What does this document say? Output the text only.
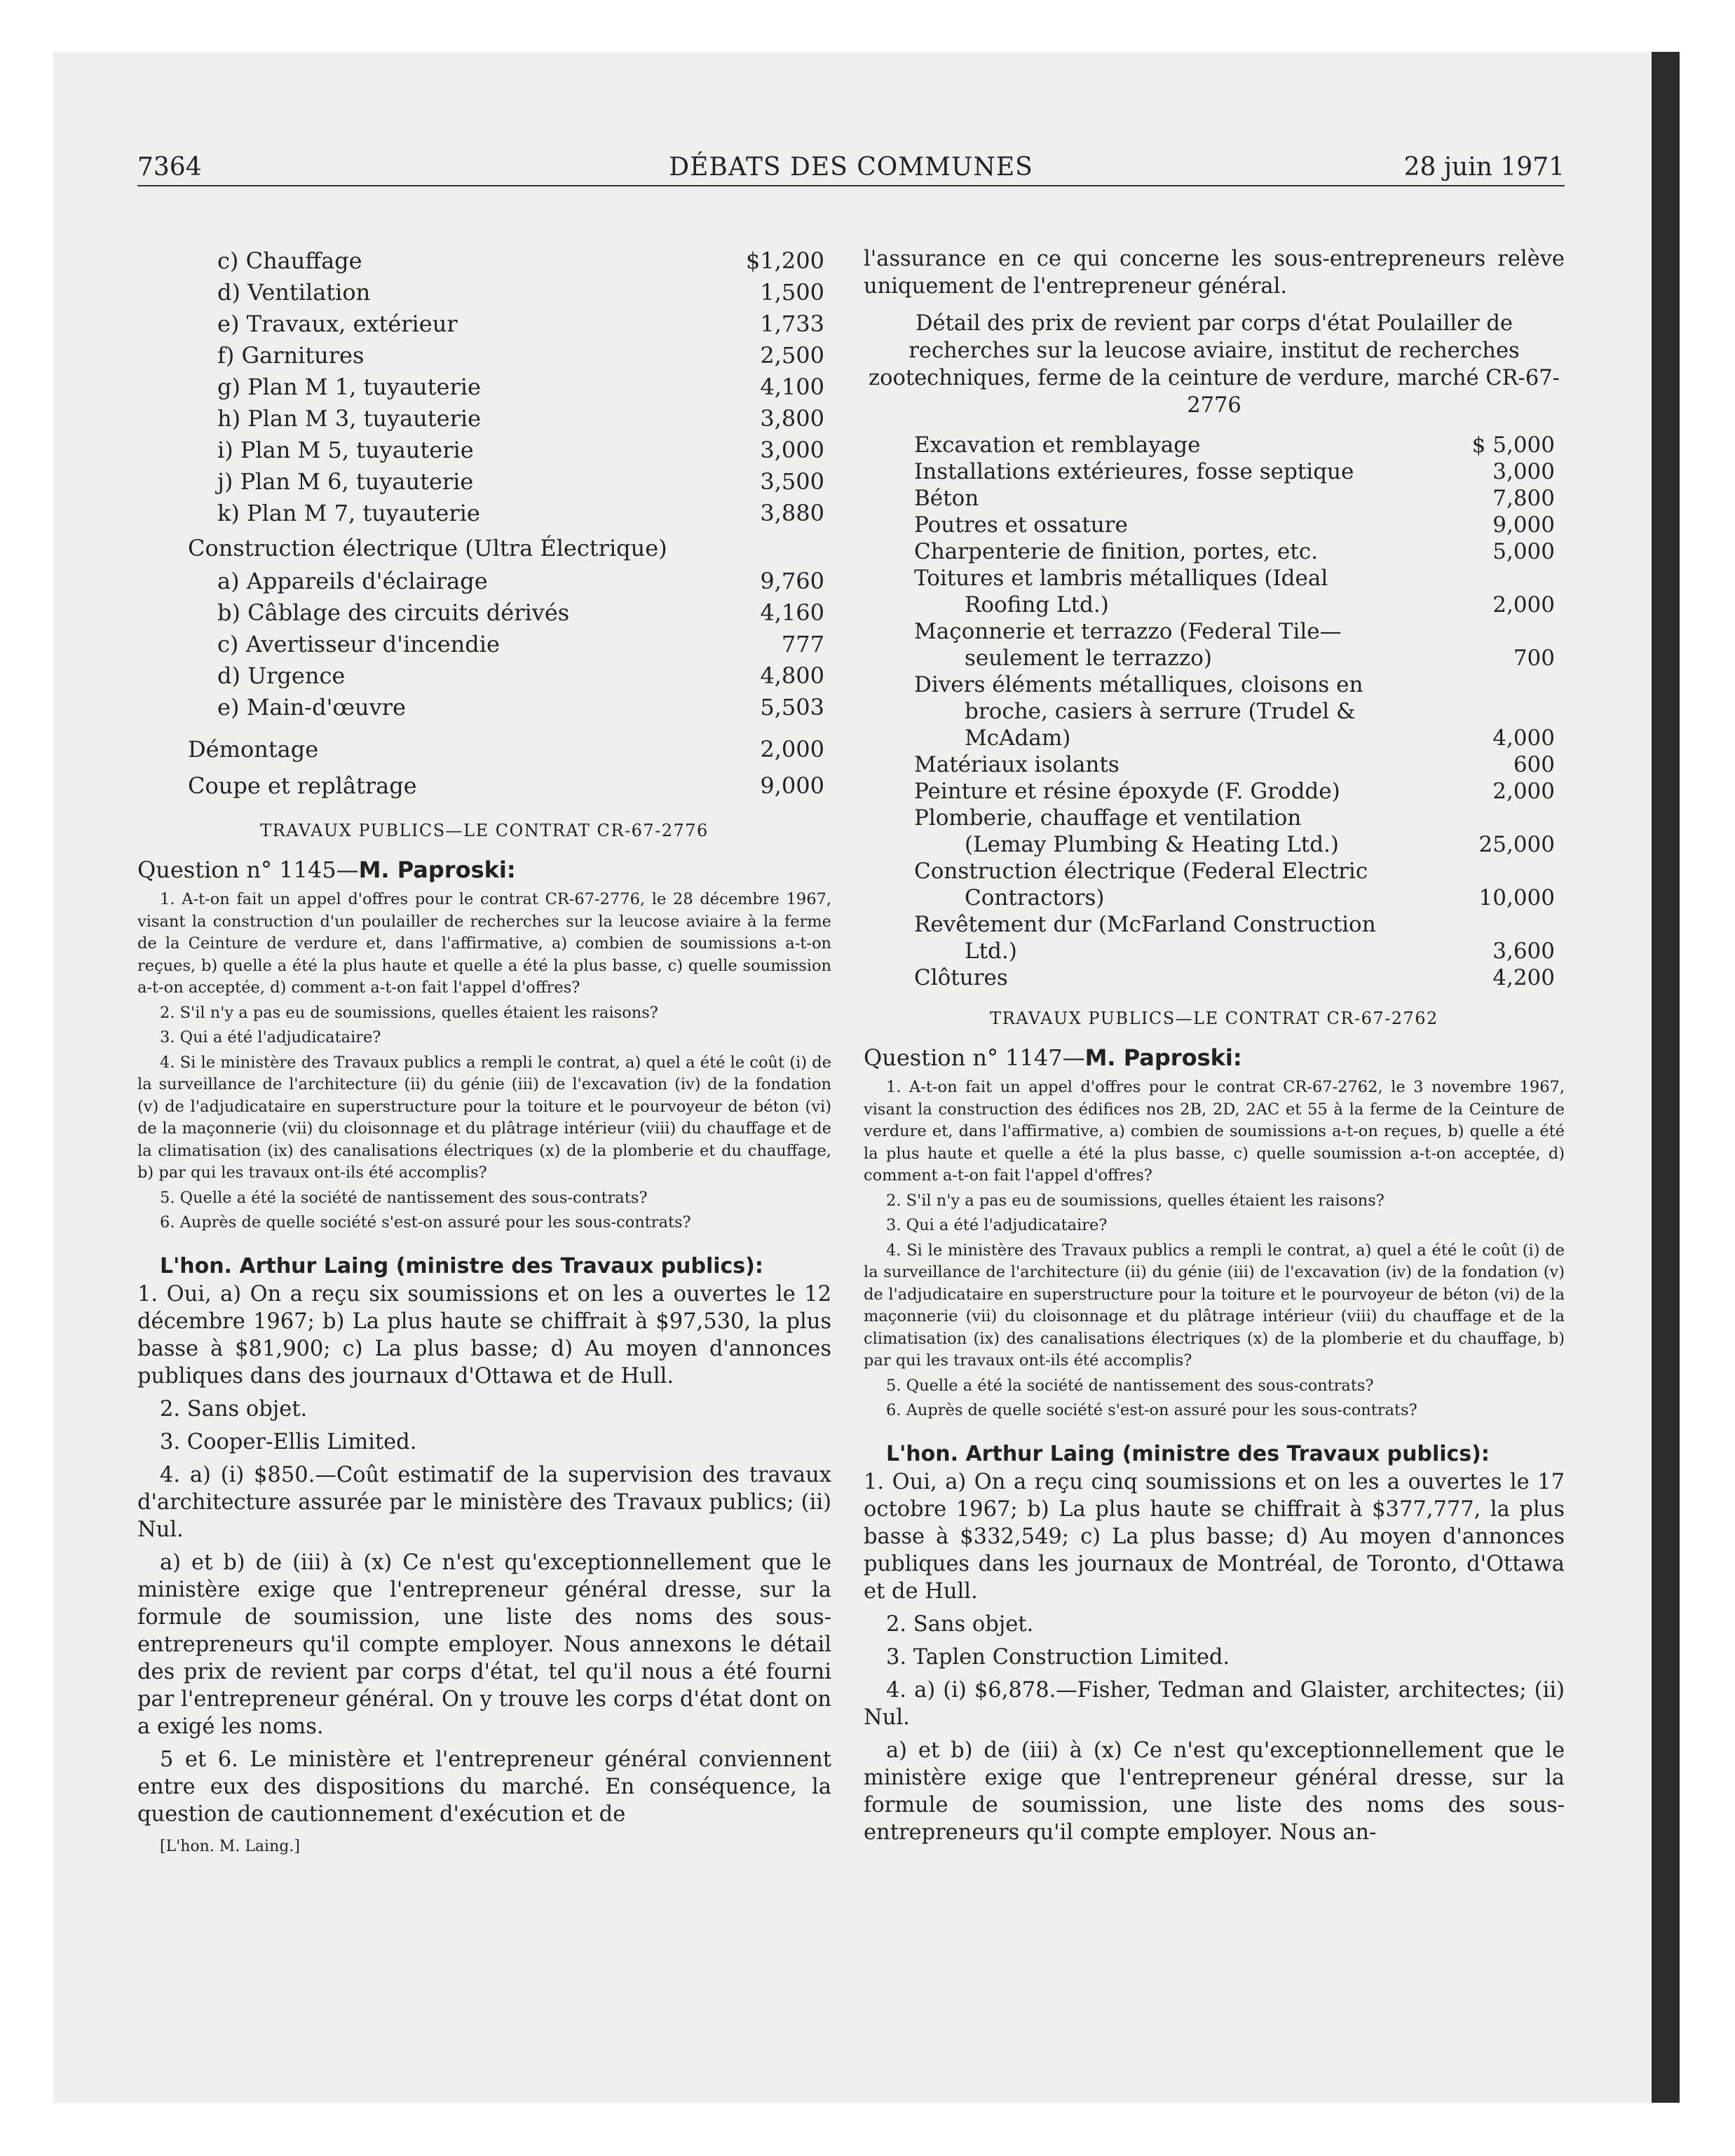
7364	DÉBATS DES COMMUNES	28 juin 1971
c) Chauffage	$1,200
d) Ventilation	1,500
e) Travaux, extérieur	1,733
f) Garnitures	2,500
g) Plan M 1, tuyauterie	4,100
h) Plan M 3, tuyauterie	3,800
i) Plan M 5, tuyauterie	3,000
j) Plan M 6, tuyauterie	3,500
k) Plan M 7, tuyauterie	3,880
Construction électrique (Ultra Électrique)
a) Appareils d'éclairage	9,760
b) Câblage des circuits dérivés	4,160
c) Avertisseur d'incendie	777
d) Urgence	4,800
e) Main-d'œuvre	5,503
Démontage	2,000
Coupe et replâtrage	9,000
TRAVAUX PUBLICS—LE CONTRAT CR-67-2776
Question n° 1145—M. Paproski:

1. A-t-on fait un appel d'offres pour le contrat CR-67-2776, le 28 décembre 1967, visant la construction d'un poulailler de recherches sur la leucose aviaire à la ferme de la Ceinture de verdure et, dans l'affirmative, a) combien de soumissions a-t-on reçues, b) quelle a été la plus haute et quelle a été la plus basse, c) quelle soumission a-t-on acceptée, d) comment a-t-on fait l'appel d'offres?

2. S'il n'y a pas eu de soumissions, quelles étaient les raisons?

3. Qui a été l'adjudicataire?

4. Si le ministère des Travaux publics a rempli le contrat, a) quel a été le coût (i) de la surveillance de l'architecture (ii) du génie (iii) de l'excavation (iv) de la fondation (v) de l'adjudicataire en superstructure pour la toiture et le pourvoyeur de béton (vi) de la maçonnerie (vii) du cloisonnage et du plâtrage intérieur (viii) du chauffage et de la climatisation (ix) des canalisations électriques (x) de la plomberie et du chauffage, b) par qui les travaux ont-ils été accomplis?

5. Quelle a été la société de nantissement des sous-contrats?

6. Auprès de quelle société s'est-on assuré pour les sous-contrats?

L'hon. Arthur Laing (ministre des Travaux publics):

1. Oui, a) On a reçu six soumissions et on les a ouvertes le 12 décembre 1967; b) La plus haute se chiffrait à $97,530, la plus basse à $81,900; c) La plus basse; d) Au moyen d'annonces publiques dans des journaux d'Ottawa et de Hull.

2. Sans objet.

3. Cooper-Ellis Limited.

4. a) (i) $850.—Coût estimatif de la supervision des travaux d'architecture assurée par le ministère des Travaux publics; (ii) Nul.

a) et b) de (iii) à (x) Ce n'est qu'exceptionnellement que le ministère exige que l'entrepreneur général dresse, sur la formule de soumission, une liste des noms des sous-entrepreneurs qu'il compte employer. Nous annexons le détail des prix de revient par corps d'état, tel qu'il nous a été fourni par l'entrepreneur général. On y trouve les corps d'état dont on a exigé les noms.

5 et 6. Le ministère et l'entrepreneur général conviennent entre eux des dispositions du marché. En conséquence, la question de cautionnement d'exécution et de

[L'hon. M. Laing.]

l'assurance en ce qui concerne les sous-entrepreneurs relève uniquement de l'entrepreneur général.

Détail des prix de revient par corps d'état Poulailler de recherches sur la leucose aviaire, institut de recherches zootechniques, ferme de la ceinture de verdure, marché CR-67-2776
Excavation et remblayage	$ 5,000
Installations extérieures, fosse septique	3,000
Béton	7,800
Poutres et ossature	9,000
Charpenterie de finition, portes, etc.	5,000
Toitures et lambris métalliques (Ideal
Roofing Ltd.)	2,000
Maçonnerie et terrazzo (Federal Tile—
seulement le terrazzo)	700
Divers éléments métalliques, cloisons en
broche, casiers à serrure (Trudel & McAdam)	4,000
Matériaux isolants	600
Peinture et résine époxyde (F. Grodde)	2,000
Plomberie, chauffage et ventilation
(Lemay Plumbing & Heating Ltd.)	25,000
Construction électrique (Federal Electric
Contractors)	10,000
Revêtement dur (McFarland Construction
Ltd.)	3,600
Clôtures	4,200
TRAVAUX PUBLICS—LE CONTRAT CR-67-2762
Question n° 1147—M. Paproski:

1. A-t-on fait un appel d'offres pour le contrat CR-67-2762, le 3 novembre 1967, visant la construction des édifices nos 2B, 2D, 2AC et 55 à la ferme de la Ceinture de verdure et, dans l'affirmative, a) combien de soumissions a-t-on reçues, b) quelle a été la plus haute et quelle a été la plus basse, c) quelle soumission a-t-on acceptée, d) comment a-t-on fait l'appel d'offres?

2. S'il n'y a pas eu de soumissions, quelles étaient les raisons?

3. Qui a été l'adjudicataire?

4. Si le ministère des Travaux publics a rempli le contrat, a) quel a été le coût (i) de la surveillance de l'architecture (ii) du génie (iii) de l'excavation (iv) de la fondation (v) de l'adjudicataire en superstructure pour la toiture et le pourvoyeur de béton (vi) de la maçonnerie (vii) du cloisonnage et du plâtrage intérieur (viii) du chauffage et de la climatisation (ix) des canalisations électriques (x) de la plomberie et du chauffage, b) par qui les travaux ont-ils été accomplis?

5. Quelle a été la société de nantissement des sous-contrats?

6. Auprès de quelle société s'est-on assuré pour les sous-contrats?

L'hon. Arthur Laing (ministre des Travaux publics):

1. Oui, a) On a reçu cinq soumissions et on les a ouvertes le 17 octobre 1967; b) La plus haute se chiffrait à $377,777, la plus basse à $332,549; c) La plus basse; d) Au moyen d'annonces publiques dans les journaux de Montréal, de Toronto, d'Ottawa et de Hull.

2. Sans objet.

3. Taplen Construction Limited.

4. a) (i) $6,878.—Fisher, Tedman and Glaister, architectes; (ii) Nul.

a) et b) de (iii) à (x) Ce n'est qu'exceptionnellement que le ministère exige que l'entrepreneur général dresse, sur la formule de soumission, une liste des noms des sous-entrepreneurs qu'il compte employer. Nous an-
